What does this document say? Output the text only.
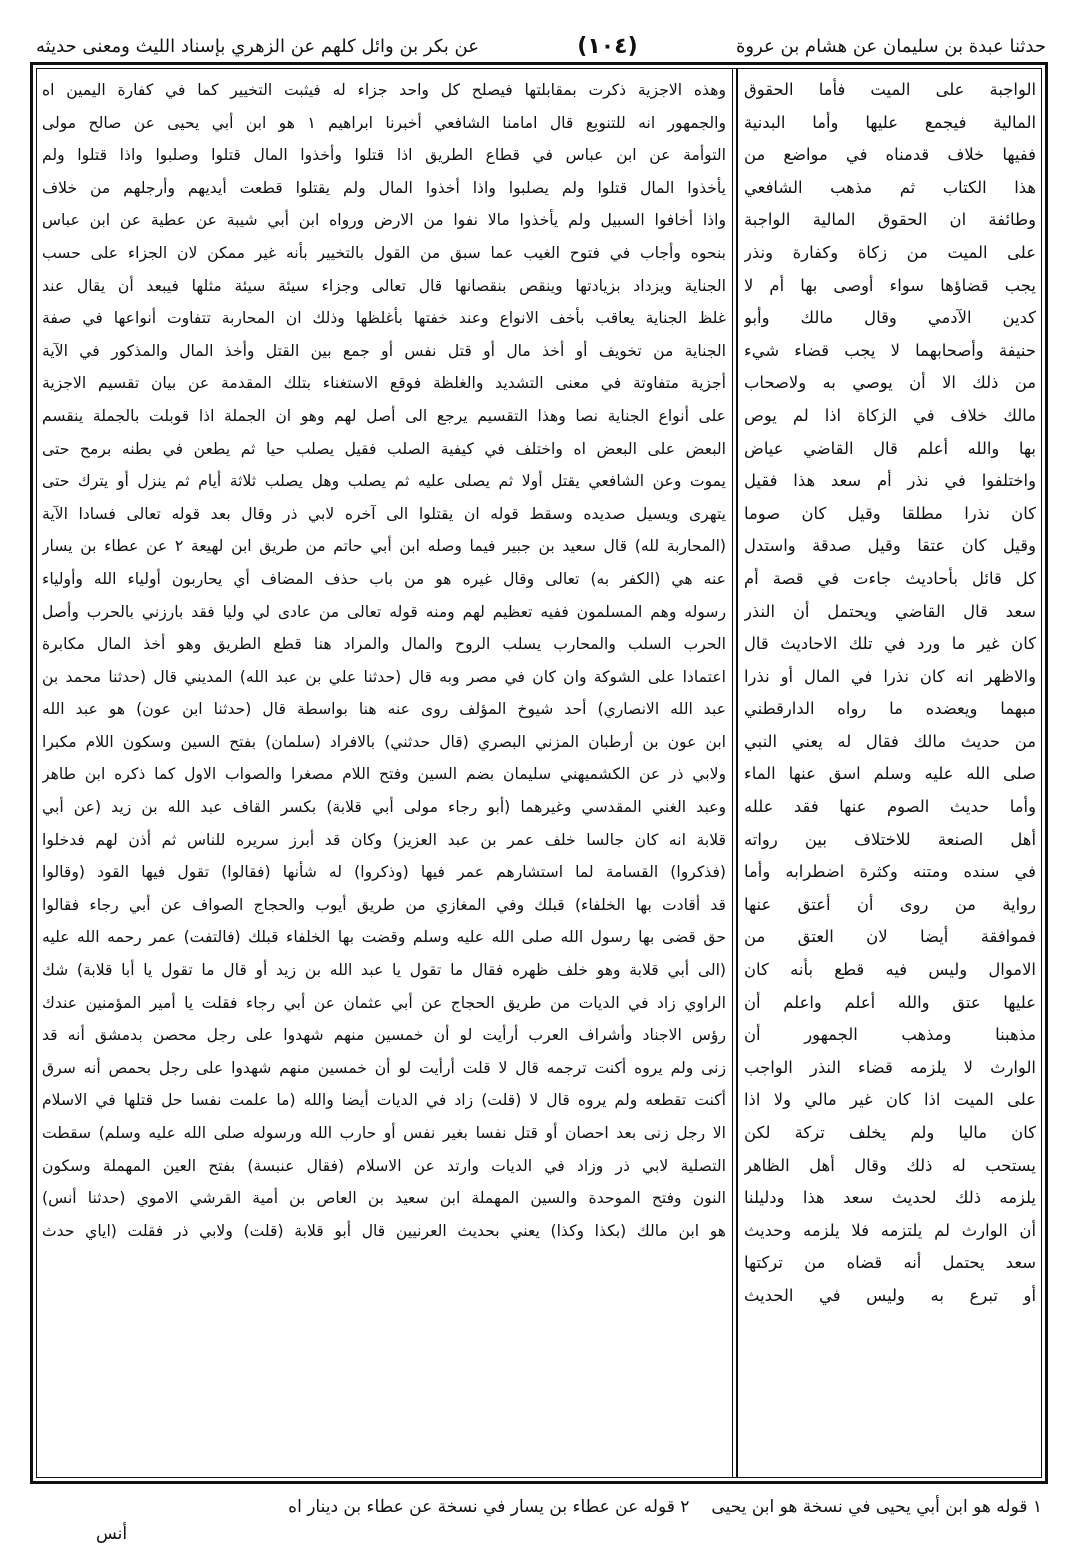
حدثنا عبدة بن سليمان عن هشام بن عروة
(١٠٤)
عن بكر بن وائل كلهم عن الزهري بإسناد الليث ومعنى حديثه
الواجبة على الميت فأما الحقوق
المالية فيجمع عليها وأما البدنية
ففيها خلاف قدمناه في مواضع من
هذا الكتاب ثم مذهب الشافعي
وطائفة ان الحقوق المالية الواجبة
على الميت من زكاة وكفارة ونذر
يجب قضاؤها سواء أوصى بها أم لا
كدين الآدمي وقال مالك وأبو
حنيفة وأصحابهما لا يجب قضاء شيء
من ذلك الا أن يوصي به ولاصحاب
مالك خلاف في الزكاة اذا لم يوص
بها والله أعلم قال القاضي عياض
واختلفوا في نذر أم سعد هذا فقيل
كان نذرا مطلقا وقيل كان صوما
وقيل كان عتقا وقيل صدقة واستدل
كل قائل بأحاديث جاءت في قصة أم
سعد قال القاضي ويحتمل أن النذر
كان غير ما ورد في تلك الاحاديث قال
والاظهر انه كان نذرا في المال أو نذرا
مبهما ويعضده ما رواه الدارقطني
من حديث مالك فقال له يعني النبي
صلى الله عليه وسلم اسق عنها الماء
وأما حديث الصوم عنها فقد علله
أهل الصنعة للاختلاف بين رواته
في سنده ومتنه وكثرة اضطرابه وأما
رواية من روى أن أعتق عنها
فموافقة أيضا لان العتق من
الاموال وليس فيه قطع بأنه كان
عليها عتق والله أعلم واعلم أن
مذهبنا ومذهب الجمهور أن
الوارث لا يلزمه قضاء النذر الواجب
على الميت اذا كان غير مالي ولا اذا
كان ماليا ولم يخلف تركة لكن
يستحب له ذلك وقال أهل الظاهر
يلزمه ذلك لحديث سعد هذا ودليلنا
أن الوارث لم يلتزمه فلا يلزمه وحديث
سعد يحتمل أنه قضاه من تركتها
أو تبرع به وليس في الحديث
وهذه الاجزية ذكرت بمقابلتها فيصلح كل واحد جزاء له فيثبت التخيير كما في كفارة اليمين اه
والجمهور انه للتنويع قال امامنا الشافعي أخبرنا ابراهيم ١ هو ابن أبي يحيى عن صالح مولى
التوأمة عن ابن عباس في قطاع الطريق اذا قتلوا وأخذوا المال قتلوا وصلبوا واذا قتلوا ولم
يأخذوا المال قتلوا ولم يصلبوا واذا أخذوا المال ولم يقتلوا قطعت أيديهم وأرجلهم من خلاف
واذا أخافوا السبيل ولم يأخذوا مالا نفوا من الارض ورواه ابن أبي شيبة عن عطية عن ابن عباس
بنحوه وأجاب في فتوح الغيب عما سبق من القول بالتخيير بأنه غير ممكن لان الجزاء على حسب
الجناية ويزداد بزيادتها وينقص بنقصانها قال تعالى وجزاء سيئة سيئة مثلها فيبعد أن يقال عند
غلظ الجناية يعاقب بأخف الانواع وعند خفتها بأغلظها وذلك ان المحاربة تتفاوت أنواعها في صفة
الجناية من تخويف أو أخذ مال أو قتل نفس أو جمع بين القتل وأخذ المال والمذكور في الآية
أجزية متفاوتة في معنى التشديد والغلظة فوقع الاستغناء بتلك المقدمة عن بيان تقسيم الاجزية
على أنواع الجناية نصا وهذا التقسيم يرجع الى أصل لهم وهو ان الجملة اذا قوبلت بالجملة ينقسم
البعض على البعض اه واختلف في كيفية الصلب فقيل يصلب حيا ثم يطعن في بطنه برمح حتى
يموت وعن الشافعي يقتل أولا ثم يصلى عليه ثم يصلب وهل يصلب ثلاثة أيام ثم ينزل أو يترك حتى
يتهرى ويسيل صديده وسقط قوله ان يقتلوا الى آخره لابي ذر وقال بعد قوله تعالى فسادا الآية
(المحاربة لله) قال سعيد بن جبير فيما وصله ابن أبي حاتم من طريق ابن لهيعة ٢ عن عطاء بن يسار
عنه هي (الكفر به) تعالى وقال غيره هو من باب حذف المضاف أي يحاربون أولياء الله وأولياء
رسوله وهم المسلمون ففيه تعظيم لهم ومنه قوله تعالى من عادى لي وليا فقد بارزني بالحرب وأصل
الحرب السلب والمحارب يسلب الروح والمال والمراد هنا قطع الطريق وهو أخذ المال مكابرة
اعتمادا على الشوكة وان كان في مصر وبه قال (حدثنا علي بن عبد الله) المديني قال (حدثنا محمد بن
عبد الله الانصاري) أحد شيوخ المؤلف روى عنه هنا بواسطة قال (حدثنا ابن عون) هو عبد الله
ابن عون بن أرطبان المزني البصري (قال حدثني) بالافراد (سلمان) بفتح السين وسكون اللام مكبرا
ولابي ذر عن الكشميهني سليمان بضم السين وفتح اللام مصغرا والصواب الاول كما ذكره ابن طاهر
وعبد الغني المقدسي وغيرهما (أبو رجاء مولى أبي قلابة) بكسر القاف عبد الله بن زيد (عن أبي
قلابة انه كان جالسا خلف عمر بن عبد العزيز) وكان قد أبرز سريره للناس ثم أذن لهم فدخلوا
(فذكروا) القسامة لما استشارهم عمر فيها (وذكروا) له شأنها (فقالوا) تقول فيها القود (وقالوا
قد أقادت بها الخلفاء) قبلك وفي المغازي من طريق أيوب والحجاج الصواف عن أبي رجاء فقالوا
حق قضى بها رسول الله صلى الله عليه وسلم وقضت بها الخلفاء قبلك (فالتفت) عمر رحمه الله عليه
(الى أبي قلابة وهو خلف ظهره فقال ما تقول يا عبد الله بن زيد أو قال ما تقول يا أبا قلابة) شك
الراوي زاد في الديات من طريق الحجاج عن أبي عثمان عن أبي رجاء فقلت يا أمير المؤمنين عندك
رؤس الاجناد وأشراف العرب أرأيت لو أن خمسين منهم شهدوا على رجل محصن بدمشق أنه قد
زنى ولم يروه أكنت ترجمه قال لا قلت أرأيت لو أن خمسين منهم شهدوا على رجل بحمص أنه سرق
أكنت تقطعه ولم يروه قال لا (قلت) زاد في الديات أيضا والله (ما علمت نفسا حل قتلها في الاسلام
الا رجل زنى بعد احصان أو قتل نفسا بغير نفس أو حارب الله ورسوله صلى الله عليه وسلم) سقطت
التصلية لابي ذر وزاد في الديات وارتد عن الاسلام (فقال عنبسة) بفتح العين المهملة وسكون
النون وفتح الموحدة والسين المهملة ابن سعيد بن العاص بن أمية القرشي الاموي (حدثنا أنس)
هو ابن مالك (بكذا وكذا) يعني بحديث العرنيين قال أبو قلابة (قلت) ولابي ذر فقلت (اياي حدث
١ قوله هو ابن أبي يحيى في نسخة هو ابن يحيى
٢ قوله عن عطاء بن يسار في نسخة عن عطاء بن دينار اه
أنس
